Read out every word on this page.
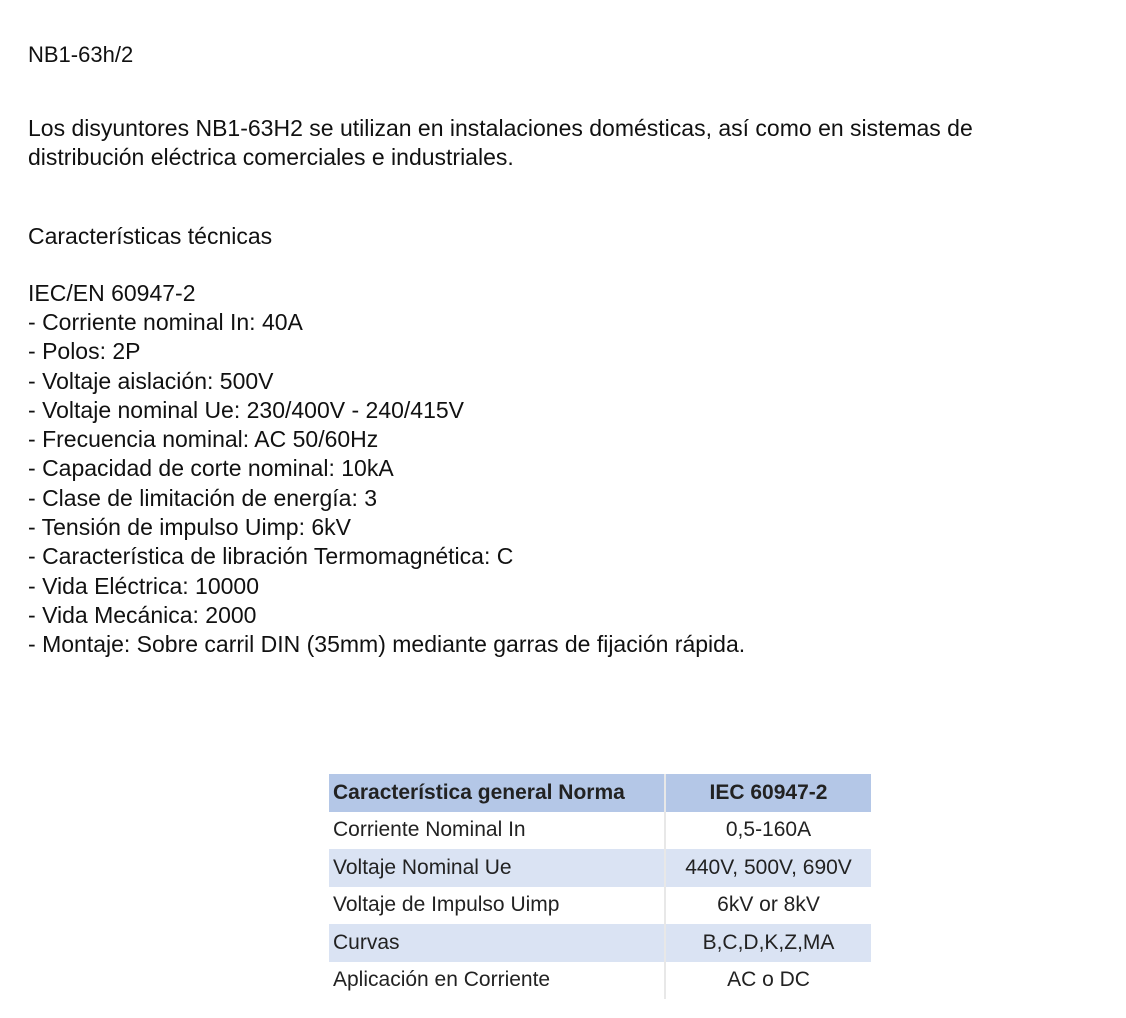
NB1-63h/2

Los disyuntores NB1-63H2 se utilizan en instalaciones domésticas, así como en sistemas de distribución eléctrica comerciales e industriales.

Características técnicas

IEC/EN 60947-2

- Corriente nominal In: 40A
- Polos: 2P
- Voltaje aislación: 500V
- Voltaje nominal Ue: 230/400V - 240/415V
- Frecuencia nominal: AC 50/60Hz
- Capacidad de corte nominal: 10kA
- Clase de limitación de energía: 3
- Tensión de impulso Uimp: 6kV
- Característica de libración Termomagnética: C
- Vida Eléctrica: 10000
- Vida Mecánica: 2000
- Montaje: Sobre carril DIN (35mm) mediante garras de fijación rápida.
Característica general Norma	IEC 60947-2
Corriente Nominal In	0,5-160A
Voltaje Nominal Ue	440V, 500V, 690V
Voltaje de Impulso Uimp	6kV or 8kV
Curvas	B,C,D,K,Z,MA
Aplicación en Corriente	AC o DC
